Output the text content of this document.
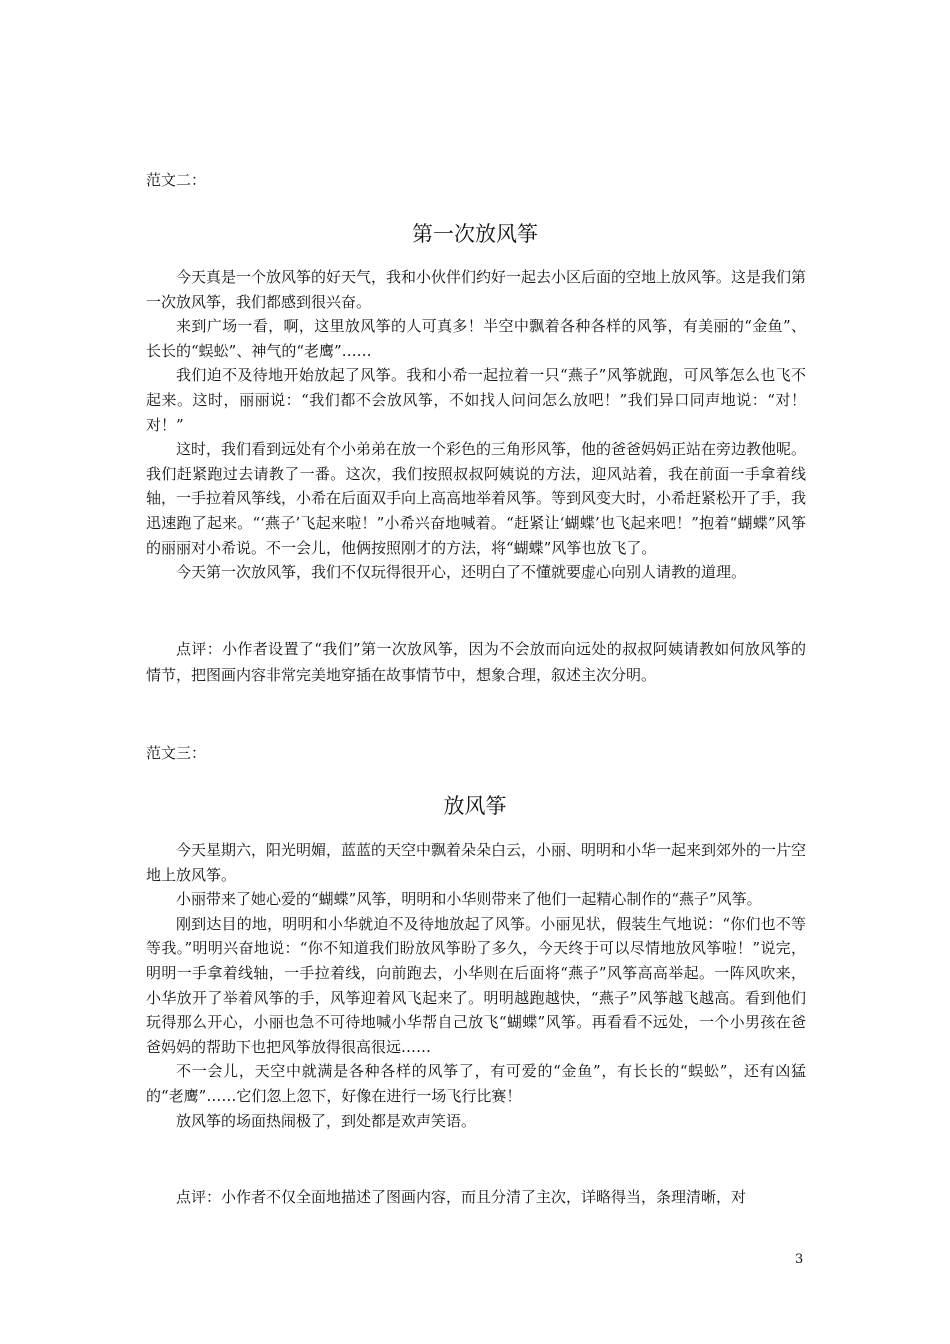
范文二：
第一次放风筝

今天真是一个放风筝的好天气，我和小伙伴们约好一起去小区后面的空地上放风筝。这是我们第一次放风筝，我们都感到很兴奋。

来到广场一看，啊，这里放风筝的人可真多！半空中飘着各种各样的风筝，有美丽的“金鱼”、长长的“蜈蚣”、神气的“老鹰”……

我们迫不及待地开始放起了风筝。我和小希一起拉着一只“燕子”风筝就跑，可风筝怎么也飞不起来。这时，丽丽说：“我们都不会放风筝，不如找人问问怎么放吧！”我们异口同声地说：“对！对！”

这时，我们看到远处有个小弟弟在放一个彩色的三角形风筝，他的爸爸妈妈正站在旁边教他呢。我们赶紧跑过去请教了一番。这次，我们按照叔叔阿姨说的方法，迎风站着，我在前面一手拿着线轴，一手拉着风筝线，小希在后面双手向上高高地举着风筝。等到风变大时，小希赶紧松开了手，我迅速跑了起来。“‘燕子’飞起来啦！”小希兴奋地喊着。“赶紧让‘蝴蝶’也飞起来吧！”抱着“蝴蝶”风筝的丽丽对小希说。不一会儿，他俩按照刚才的方法，将“蝴蝶”风筝也放飞了。

今天第一次放风筝，我们不仅玩得很开心，还明白了不懂就要虚心向别人请教的道理。

点评：小作者设置了“我们”第一次放风筝，因为不会放而向远处的叔叔阿姨请教如何放风筝的情节，把图画内容非常完美地穿插在故事情节中，想象合理，叙述主次分明。

范文三：
放风筝

今天星期六，阳光明媚，蓝蓝的天空中飘着朵朵白云，小丽、明明和小华一起来到郊外的一片空地上放风筝。

小丽带来了她心爱的“蝴蝶”风筝，明明和小华则带来了他们一起精心制作的“燕子”风筝。

刚到达目的地，明明和小华就迫不及待地放起了风筝。小丽见状，假装生气地说：“你们也不等等我。”明明兴奋地说：“你不知道我们盼放风筝盼了多久，今天终于可以尽情地放风筝啦！”说完，明明一手拿着线轴，一手拉着线，向前跑去，小华则在后面将“燕子”风筝高高举起。一阵风吹来，小华放开了举着风筝的手，风筝迎着风飞起来了。明明越跑越快，“燕子”风筝越飞越高。看到他们玩得那么开心，小丽也急不可待地喊小华帮自己放飞“蝴蝶”风筝。再看看不远处，一个小男孩在爸爸妈妈的帮助下也把风筝放得很高很远……

不一会儿，天空中就满是各种各样的风筝了，有可爱的“金鱼”，有长长的“蜈蚣”，还有凶猛的“老鹰”……它们忽上忽下，好像在进行一场飞行比赛！

放风筝的场面热闹极了，到处都是欢声笑语。

点评：小作者不仅全面地描述了图画内容，而且分清了主次，详略得当，条理清晰，对

3
